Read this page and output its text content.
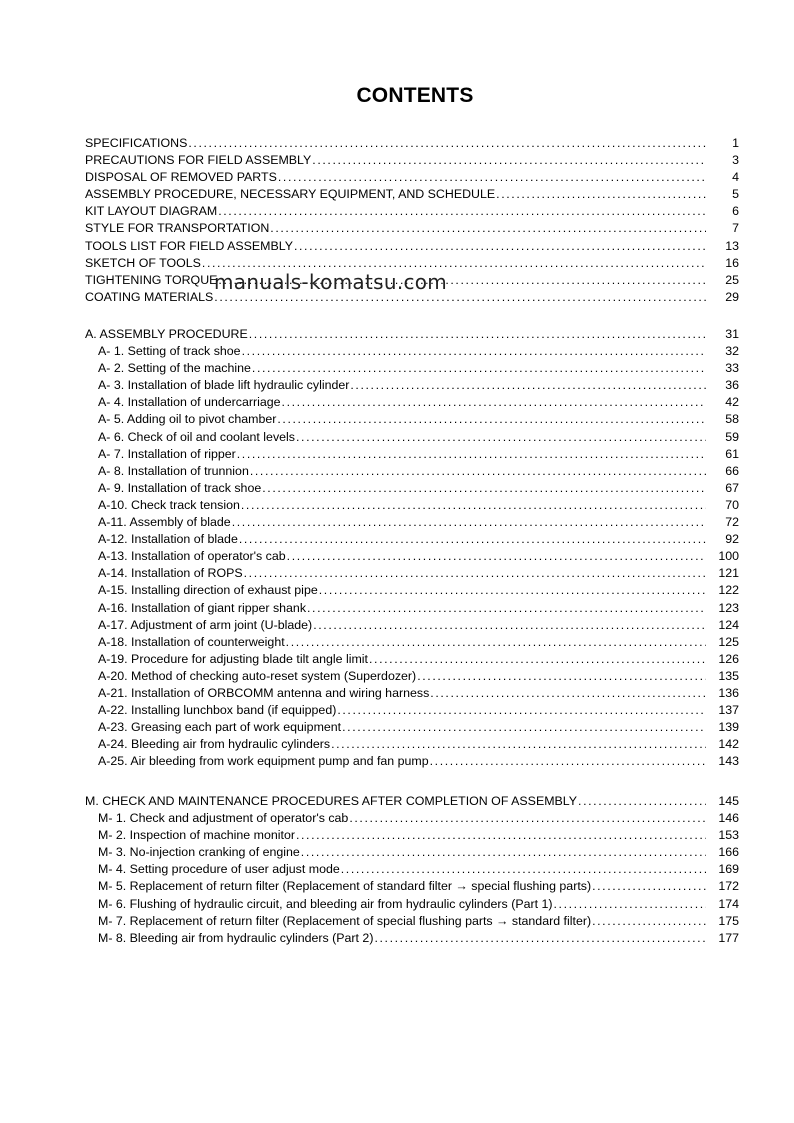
CONTENTS
SPECIFICATIONS .....	1
PRECAUTIONS FOR FIELD ASSEMBLY .....	3
DISPOSAL OF REMOVED PARTS .....	4
ASSEMBLY PROCEDURE, NECESSARY EQUIPMENT, AND SCHEDULE .....	5
KIT LAYOUT DIAGRAM .....	6
STYLE FOR TRANSPORTATION .....	7
TOOLS LIST FOR FIELD ASSEMBLY .....	13
SKETCH OF TOOLS .....	16
TIGHTENING TORQUE .....	25
COATING MATERIALS .....	29
A. ASSEMBLY PROCEDURE .....	31
A- 1. Setting of track shoe .....	32
A- 2. Setting of the machine .....	33
A- 3. Installation of blade lift hydraulic cylinder .....	36
A- 4. Installation of undercarriage .....	42
A- 5. Adding oil to pivot chamber .....	58
A- 6. Check of oil and coolant levels .....	59
A- 7. Installation of ripper .....	61
A- 8. Installation of trunnion .....	66
A- 9. Installation of track shoe .....	67
A-10. Check track tension .....	70
A-11. Assembly of blade .....	72
A-12. Installation of blade .....	92
A-13. Installation of operator's cab .....	100
A-14. Installation of ROPS .....	121
A-15. Installing direction of exhaust pipe .....	122
A-16. Installation of giant ripper shank .....	123
A-17. Adjustment of arm joint (U-blade) .....	124
A-18. Installation of counterweight .....	125
A-19. Procedure for adjusting blade tilt angle limit .....	126
A-20. Method of checking auto-reset system (Superdozer) .....	135
A-21. Installation of ORBCOMM antenna and wiring harness .....	136
A-22. Installing lunchbox band (if equipped) .....	137
A-23. Greasing each part of work equipment .....	139
A-24. Bleeding air from hydraulic cylinders .....	142
A-25. Air bleeding from work equipment pump and fan pump .....	143
M. CHECK AND MAINTENANCE PROCEDURES AFTER COMPLETION OF ASSEMBLY .....	145
M- 1. Check and adjustment of operator's cab .....	146
M- 2. Inspection of machine monitor .....	153
M- 3. No-injection cranking of engine .....	166
M- 4. Setting procedure of user adjust mode .....	169
M- 5. Replacement of return filter (Replacement of standard filter → special flushing parts) .....	172
M- 6. Flushing of hydraulic circuit, and bleeding air from hydraulic cylinders (Part 1) .....	174
M- 7. Replacement of return filter (Replacement of special flushing parts → standard filter) .....	175
M- 8. Bleeding air from hydraulic cylinders (Part 2) .....	177
manuals-komatsu.com
